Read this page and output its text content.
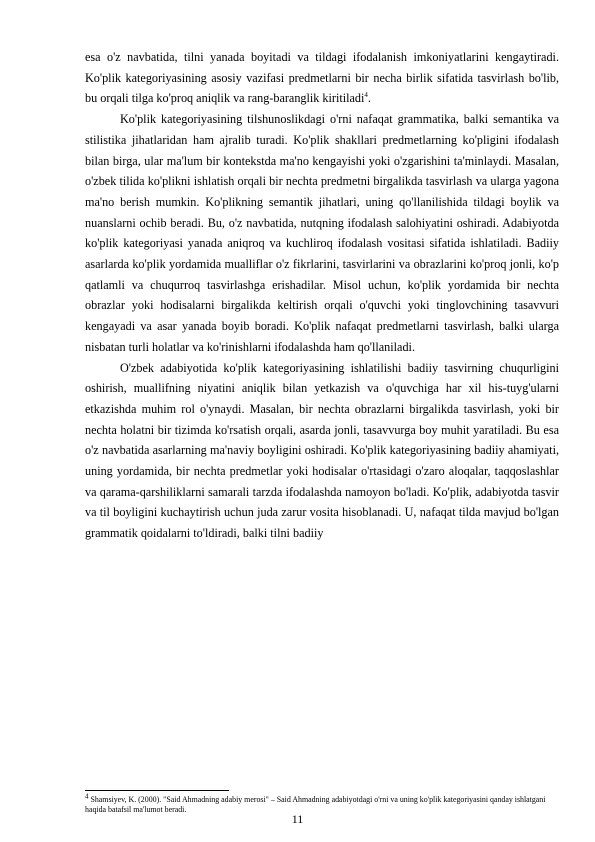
esa o'z navbatida, tilni yanada boyitadi va tildagi ifodalanish imkoniyatlarini kengaytiradi. Ko'plik kategoriyasining asosiy vazifasi predmetlarni bir necha birlik sifatida tasvirlash bo'lib, bu orqali tilga ko'proq aniqlik va rang-baranglik kiritiladi$^4$.

Ko'plik kategoriyasining tilshunoslikdagi o'rni nafaqat grammatika, balki semantika va stilistika jihatlaridan ham ajralib turadi. Ko'plik shakllari predmetlarning ko'pligini ifodalash bilan birga, ular ma'lum bir kontekstda ma'no kengayishi yoki o'zgarishini ta'minlaydi. Masalan, o'zbek tilida ko'plikni ishlatish orqali bir nechta predmetni birgalikda tasvirlash va ularga yagona ma'no berish mumkin. Ko'plikning semantik jihatlari, uning qo'llanilishida tildagi boylik va nuanslarni ochib beradi. Bu, o'z navbatida, nutqning ifodalash salohiyatini oshiradi. Adabiyotda ko'plik kategoriyasi yanada aniqroq va kuchliroq ifodalash vositasi sifatida ishlatiladi. Badiiy asarlarda ko'plik yordamida mualliflar o'z fikrlarini, tasvirlarini va obrazlarini ko'proq jonli, ko'p qatlamli va chuqurroq tasvirlashga erishadilar. Misol uchun, ko'plik yordamida bir nechta obrazlar yoki hodisalarni birgalikda keltirish orqali o'quvchi yoki tinglovchining tasavvuri kengayadi va asar yanada boyib boradi. Ko'plik nafaqat predmetlarni tasvirlash, balki ularga nisbatan turli holatlar va ko'rinishlarni ifodalashda ham qo'llaniladi.

O'zbek adabiyotida ko'plik kategoriyasining ishlatilishi badiiy tasvirning chuqurligini oshirish, muallifning niyatini aniqlik bilan yetkazish va o'quvchiga har xil his-tuyg'ularni etkazishda muhim rol o'ynaydi. Masalan, bir nechta obrazlarni birgalikda tasvirlash, yoki bir nechta holatni bir tizimda ko'rsatish orqali, asarda jonli, tasavvurga boy muhit yaratiladi. Bu esa o'z navbatida asarlarning ma'naviy boyligini oshiradi. Ko'plik kategoriyasining badiiy ahamiyati, uning yordamida, bir nechta predmetlar yoki hodisalar o'rtasidagi o'zaro aloqalar, taqqoslashlar va qarama-qarshiliklarni samarali tarzda ifodalashda namoyon bo'ladi. Ko'plik, adabiyotda tasvir va til boyligini kuchaytirish uchun juda zarur vosita hisoblanadi. U, nafaqat tilda mavjud bo'lgan grammatik qoidalarni to'ldiradi, balki tilni badiiy

$^4$ Shamsiyev, K. (2000). "Said Ahmadning adabiy merosi" – Said Ahmadning adabiyotdagi o'rni va uning ko'plik kategoriyasini qanday ishlatgani haqida batafsil ma'lumot beradi.
11
